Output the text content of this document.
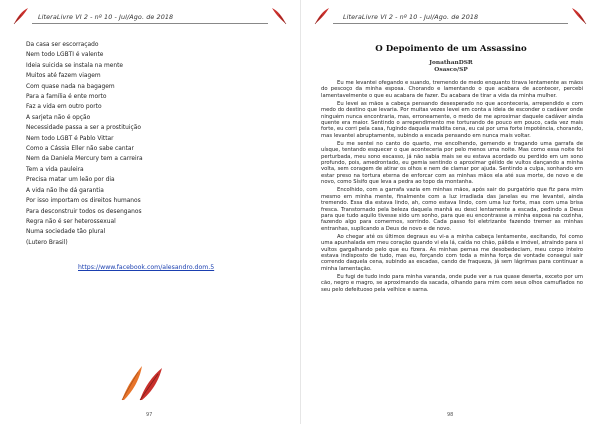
LiteraLivre VI 2 - nº 10 - Jul/Ago. de 2018
Da casa ser escorraçado
Nem todo LGBTI é valente
Ideia suicida se instala na mente
Muitos até fazem viagem
Com quase nada na bagagem
Para a família é ente morto
Faz a vida em outro porto
A sarjeta não é opção
Necessidade passa a ser a prostituição
Nem todo LGBT é Pablo Vittar
Como a Cássia Eller não sabe cantar
Nem da Daniela Mercury tem a carreira
Tem a vida pauleira
Precisa matar um leão por dia
A vida não lhe dá garantia
Por isso importam os direitos humanos
Para desconstruir todos os desenganos
Regra não é ser heterossexual
Numa sociedade tão plural
(Lutero Brasil)
https://www.facebook.com/alesandro.dom.5
97
LiteraLivre VI 2 - nº 10 - Jul/Ago. de 2018
O Depoimento de um Assassino
JonathanDSR
Osasco/SP

Eu me levantei ofegando e suando, tremendo de medo enquanto tirava lentamente as mãos do pescoço da minha esposa. Chorando e lamentando o que acabara de acontecer, percebi lamentavelmente o que eu acabara de fazer. Eu acabara de tirar a vida da minha mulher.

Eu levei as mãos a cabeça pensando desesperado no que aconteceria, arrependido e com medo do destino que levaria. Por muitas vezes levei em conta a ideia de esconder o cadáver onde ninguém nunca encontraria, mas, erroneamente, o medo de me aproximar daquele cadáver ainda quente era maior. Sentindo o arrependimento me torturando de pouco em pouco, cada vez mais forte, eu corri pela casa, fugindo daquela maldita cena, eu cai por uma forte impotência, chorando, mas levantei abruptamente, subindo a escada pensando em nunca mais voltar.

Eu me sentei no canto do quarto, me encolhendo, gemendo e tragando uma garrafa de uísque, tentando esquecer o que aconteceria por pelo menos uma noite. Mas como essa noite foi perturbada, meu sono escasso, já não sabia mais se eu estava acordado ou perdido em um sono profundo, pois, amedrontado, eu gemia sentindo o aproximar gélido de vultos dançando a minha volta, sem coragem de atirar os olhos e nem de clamar por ajuda. Sentindo a culpa, sonhando em estar preso na tortura eterna de enforcar com as minhas mãos ela até sua morte, de novo e de novo, como Sísifo que leva a pedra ao topo da montanha.

Encolhido, com a garrafa vazia em minhas mãos, após sair do purgatório que fiz para mim mesmo em minha mente, finalmente com a luz irradiada das janelas eu me levantei, ainda tremendo. Essa dia estava lindo, ah, como estava lindo, com uma luz forte, mas com uma brisa fresca. Transtornado pela beleza daquela manhã eu desci lentamente a escada, pedindo a Deus para que tudo aquilo tivesse sido um sonho, para que eu encontrasse a minha esposa na cozinha, fazendo algo para comermos, sorrindo. Cada passo foi eletrizante fazendo tremer as minhas entranhas, suplicando a Deus de novo e de novo.

Ao chegar até os últimos degraus eu vi-a a minha cabeça lentamente, excitando, foi como uma apunhalada em meu coração quando vi ela lá, caída no chão, pálida e imóvel, atraindo para si vultos gargalhando pelo que eu fizera. As minhas pernas me desobedeciam, meu corpo inteiro estava indisposto de tudo, mas eu, forçando com toda a minha força de vontade consegui sair correndo daquela cena, subindo as escadas, cando de fraqueza, já sem lágrimas para continuar a minha lamentação.

Eu fugi de tudo indo para minha varanda, onde pude ver a rua quase deserta, exceto por um cão, negro e magro, se aproximando da sacada, olhando para mim com seus olhos camuflados no seu pelo defeituoso pela velhice e sarna.

98
